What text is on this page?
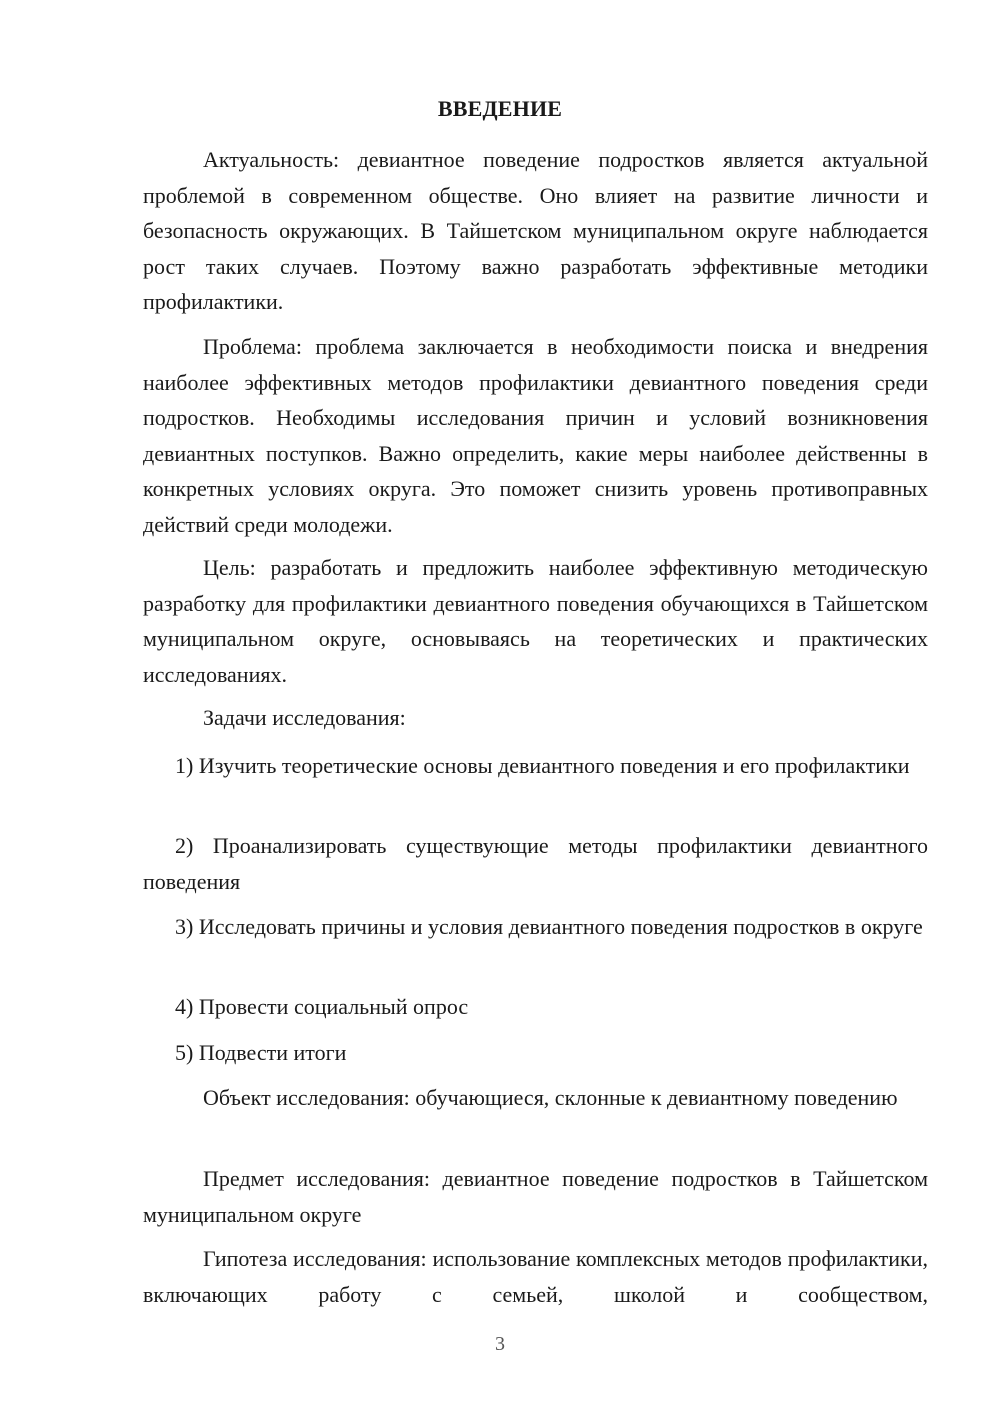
ВВЕДЕНИЕ

Актуальность: девиантное поведение подростков является актуальной проблемой в современном обществе. Оно влияет на развитие личности и безопасность окружающих. В Тайшетском муниципальном округе наблюдается рост таких случаев. Поэтому важно разработать эффективные методики профилактики.

Проблема: проблема заключается в необходимости поиска и внедрения наиболее эффективных методов профилактики девиантного поведения среди подростков. Необходимы исследования причин и условий возникновения девиантных поступков. Важно определить, какие меры наиболее действенны в конкретных условиях округа. Это поможет снизить уровень противоправных действий среди молодежи.

Цель: разработать и предложить наиболее эффективную методическую разработку для профилактики девиантного поведения обучающихся в Тайшетском муниципальном округе, основываясь на теоретических и практических исследованиях.

Задачи исследования:

1) Изучить теоретические основы девиантного поведения и его профилактики

2) Проанализировать существующие методы профилактики девиантного поведения

3) Исследовать причины и условия девиантного поведения подростков в округе

4) Провести социальный опрос

5) Подвести итоги

Объект исследования: обучающиеся, склонные к девиантному поведению

Предмет исследования: девиантное поведение подростков в Тайшетском муниципальном округе

Гипотеза исследования: использование комплексных методов профилактики, включающих работу с семьей, школой и сообществом,

3
